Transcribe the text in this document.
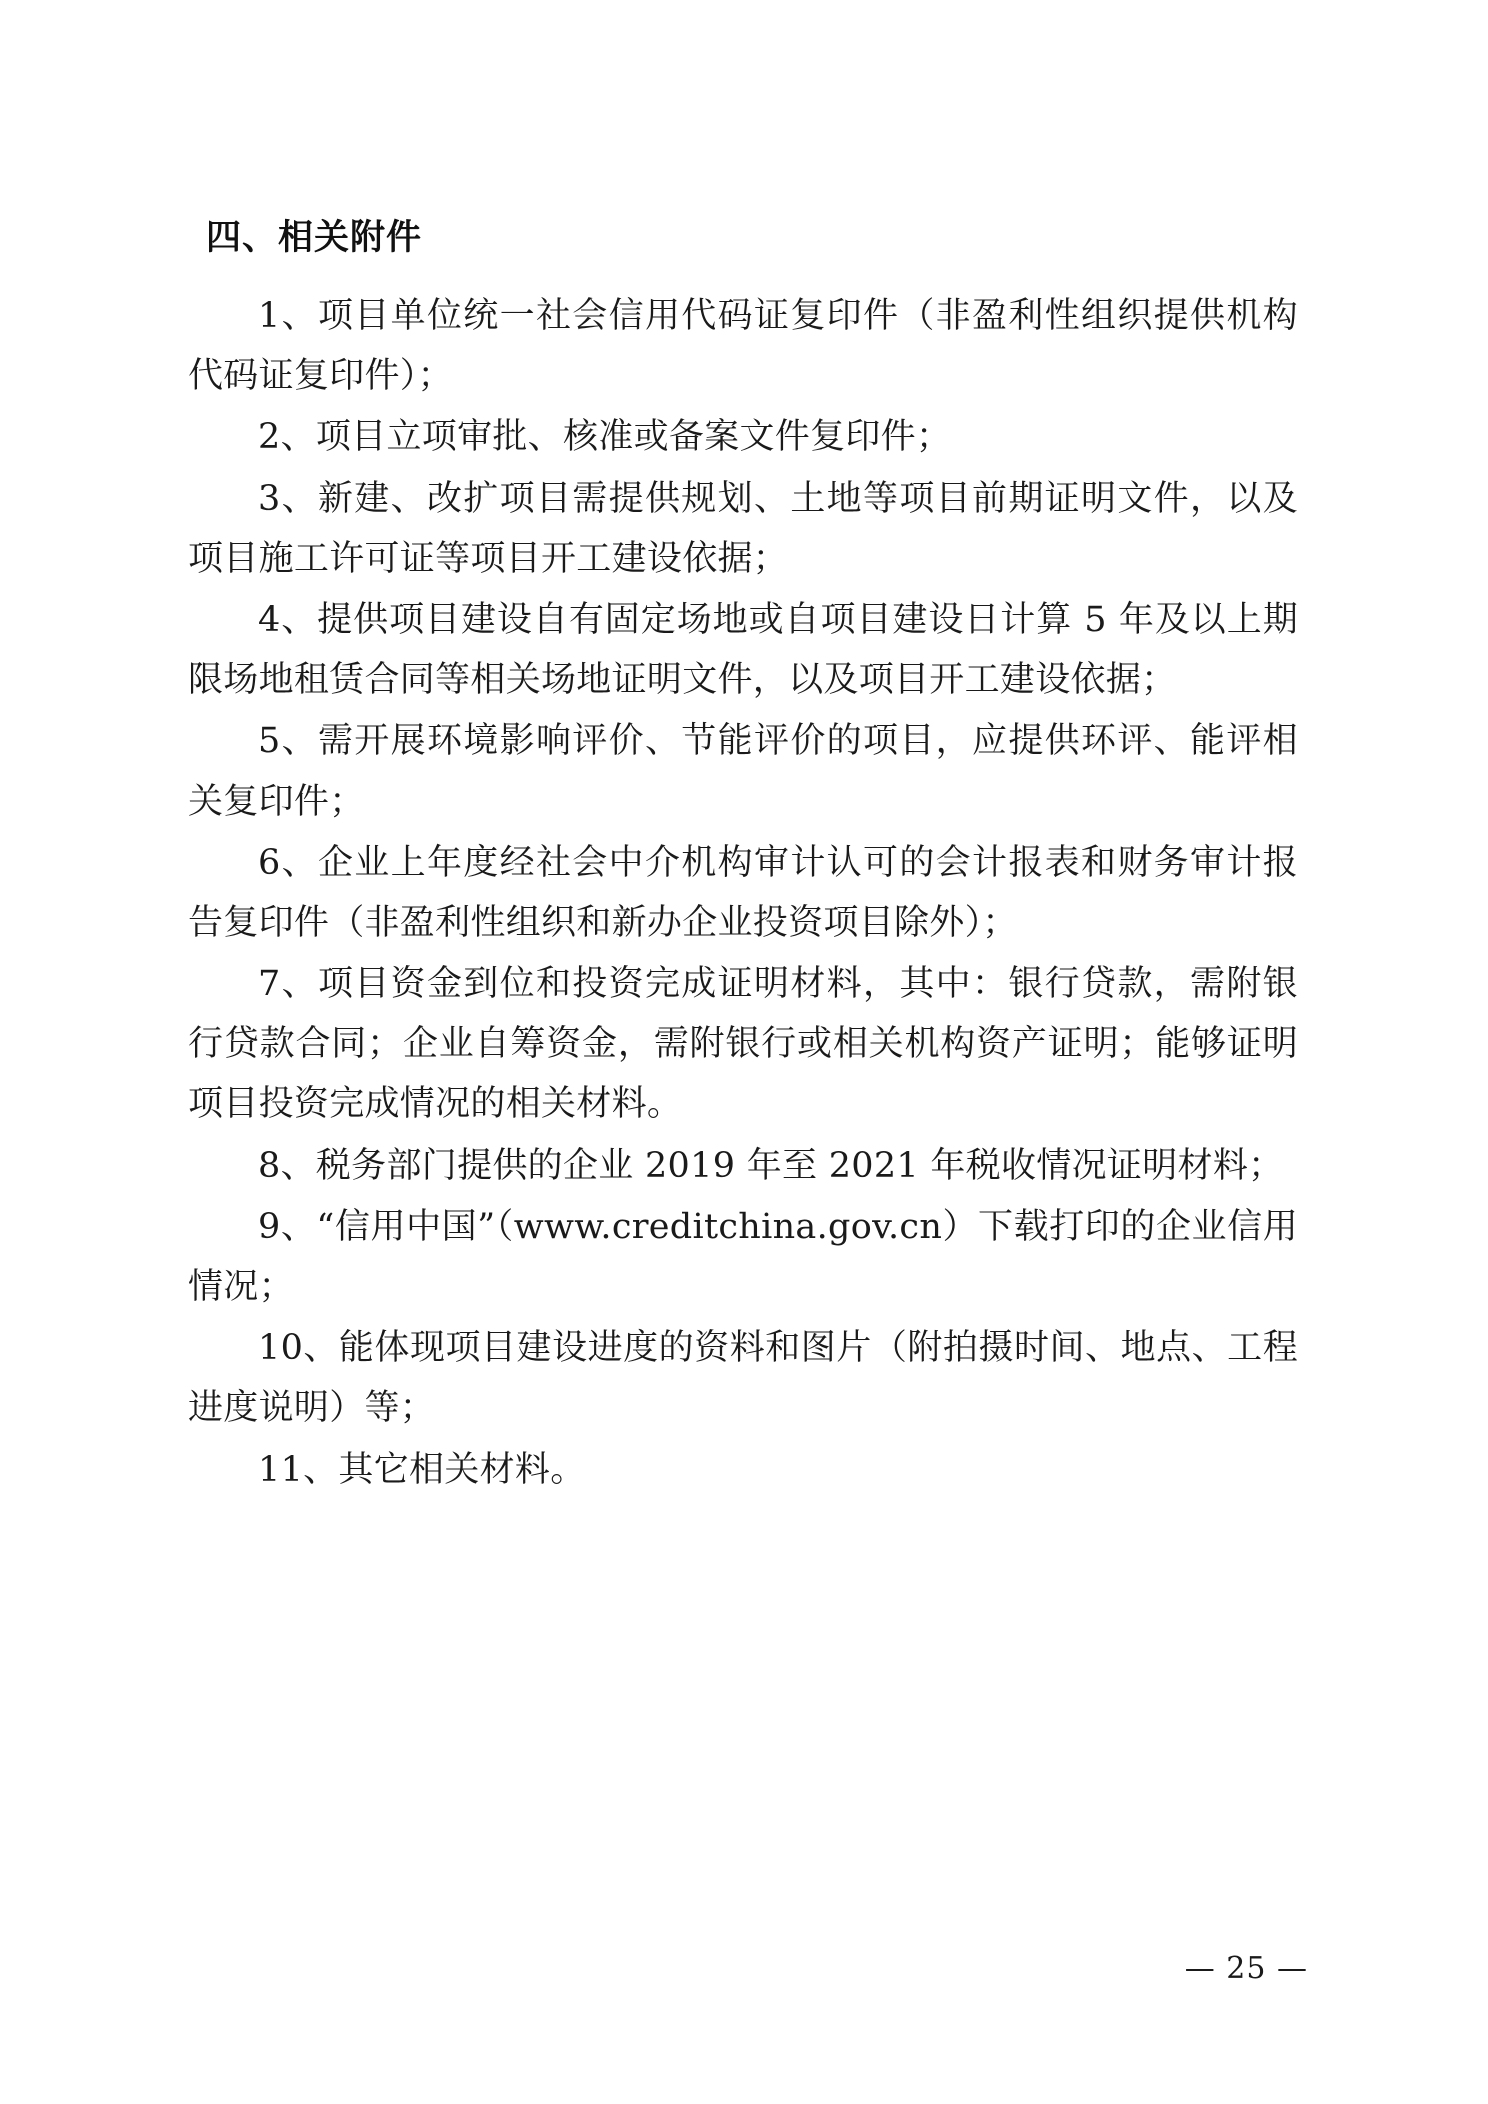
四、相关附件

1、项目单位统一社会信用代码证复印件（非盈利性组织提供机构代码证复印件）；

2、项目立项审批、核准或备案文件复印件；

3、新建、改扩项目需提供规划、土地等项目前期证明文件，以及项目施工许可证等项目开工建设依据；

4、提供项目建设自有固定场地或自项目建设日计算 5 年及以上期限场地租赁合同等相关场地证明文件，以及项目开工建设依据；

5、需开展环境影响评价、节能评价的项目，应提供环评、能评相关复印件；

6、企业上年度经社会中介机构审计认可的会计报表和财务审计报告复印件（非盈利性组织和新办企业投资项目除外）；

7、项目资金到位和投资完成证明材料，其中：银行贷款，需附银行贷款合同；企业自筹资金，需附银行或相关机构资产证明；能够证明项目投资完成情况的相关材料。

8、税务部门提供的企业 2019 年至 2021 年税收情况证明材料；

9、“信用中国”（www.creditchina.gov.cn）下载打印的企业信用情况；

10、能体现项目建设进度的资料和图片（附拍摄时间、地点、工程进度说明）等；

11、其它相关材料。

— 25 —
